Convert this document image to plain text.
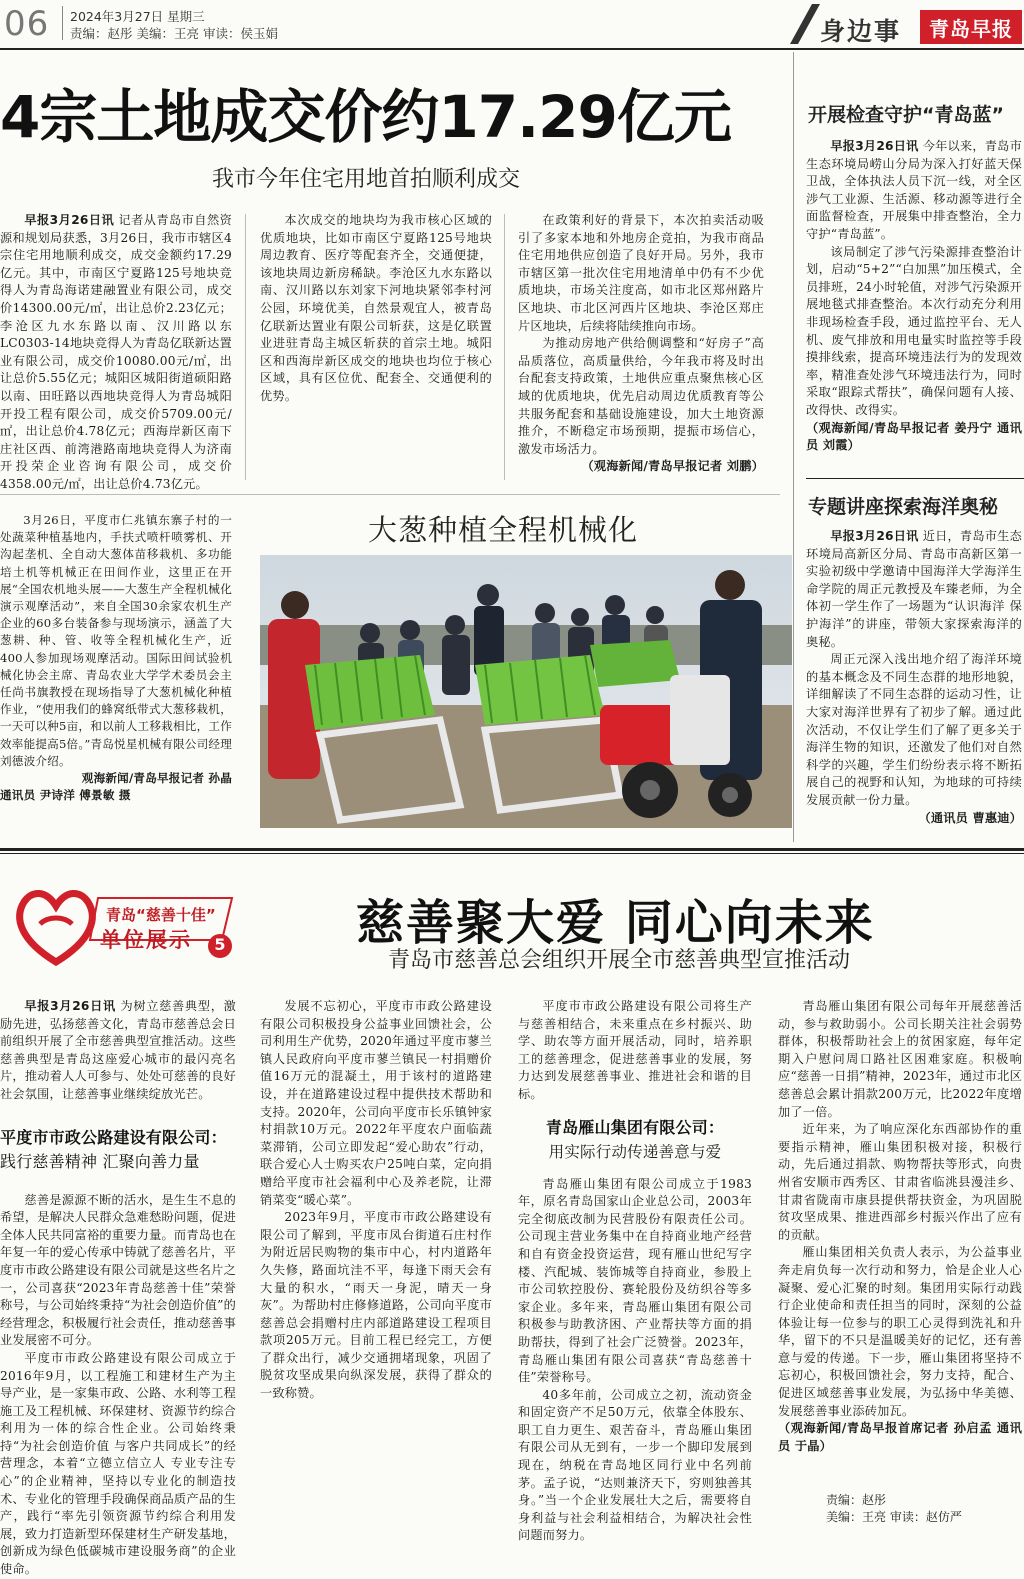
06 2024年3月27日 星期三
责编：赵彤 美编：王亮 审读：侯玉娟	身边事 青岛早报
4宗土地成交价约17.29亿元
我市今年住宅用地首拍顺利成交

早报3月26日讯 记者从青岛市自然资源和规划局获悉，3月26日，我市市辖区4宗住宅用地顺利成交，成交金额约17.29亿元。其中，市南区宁夏路125号地块竞得人为青岛海诺建融置业有限公司，成交价14300.00元/㎡，出让总价2.23亿元；李沧区九水东路以南、汉川路以东LC0303-14地块竞得人为青岛亿联新达置业有限公司，成交价10080.00元/㎡，出让总价5.55亿元；城阳区城阳街道硕阳路以南、田旺路以西地块竞得人为青岛城阳开投工程有限公司，成交价5709.00元/㎡，出让总价4.78亿元；西海岸新区南下庄社区西、前湾港路南地块竞得人为济南开投荣企业咨询有限公司，成交价4358.00元/㎡，出让总价4.73亿元。

本次成交的地块均为我市核心区域的优质地块，比如市南区宁夏路125号地块周边教育、医疗等配套齐全，交通便捷，该地块周边新房稀缺。李沧区九水东路以南、汉川路以东刘家下河地块紧邻李村河公园，环境优美，自然景观宜人，被青岛亿联新达置业有限公司斩获，这是亿联置业进驻青岛主城区斩获的首宗土地。城阳区和西海岸新区成交的地块也均位于核心区域，具有区位优、配套全、交通便利的优势。

在政策利好的背景下，本次拍卖活动吸引了多家本地和外地房企竞拍，为我市商品住宅用地供应创造了良好开局。另外，我市市辖区第一批次住宅用地清单中仍有不少优质地块，市场关注度高，如市北区郑州路片区地块、市北区河西片区地块、李沧区郑庄片区地块，后续将陆续推向市场。

为推动房地产供给侧调整和“好房子”高品质落位，高质量供给，今年我市将及时出台配套支持政策，土地供应重点聚焦核心区域的优质地块，优先启动周边优质教育等公共服务配套和基础设施建设，加大土地资源推介，不断稳定市场预期，提振市场信心，激发市场活力。

（观海新闻/青岛早报记者 刘鹏）
开展检查守护“青岛蓝”

早报3月26日讯 今年以来，青岛市生态环境局崂山分局为深入打好蓝天保卫战，全体执法人员下沉一线，对全区涉气工业源、生活源、移动源等进行全面监督检查，开展集中排查整治，全力守护“青岛蓝”。

该局制定了涉气污染源排查整治计划，启动“5+2”“白加黑”加压模式，全员排班，24小时轮值，对涉气污染源开展地毯式排查整治。本次行动充分利用非现场检查手段，通过监控平台、无人机、废气排放和用电量实时监控等手段摸排线索，提高环境违法行为的发现效率，精准查处涉气环境违法行为，同时采取“跟踪式帮扶”，确保问题有人接、改得快、改得实。

（观海新闻/青岛早报记者 姜丹宁 通讯员 刘霞）
专题讲座探索海洋奥秘

早报3月26日讯 近日，青岛市生态环境局高新区分局、青岛市高新区第一实验初级中学邀请中国海洋大学海洋生命学院的周正元教授及车臻老师，为全体初一学生作了一场题为“认识海洋 保护海洋”的讲座，带领大家探索海洋的奥秘。

周正元深入浅出地介绍了海洋环境的基本概念及不同生态群的地形地貌，详细解读了不同生态群的运动习性，让大家对海洋世界有了初步了解。通过此次活动，不仅让学生们了解了更多关于海洋生物的知识，还激发了他们对自然科学的兴趣，学生们纷纷表示将不断拓展自己的视野和认知，为地球的可持续发展贡献一份力量。

（通讯员 曹惠迪）

3月26日，平度市仁兆镇东寨子村的一处蔬菜种植基地内，手扶式喷杆喷雾机、开沟起垄机、全自动大葱体苗移栽机、多功能培土机等机械正在田间作业，这里正在开展“全国农机地头展——大葱生产全程机械化演示观摩活动”，来自全国30余家农机生产企业的60多台装备参与现场演示，涵盖了大葱耕、种、管、收等全程机械化生产，近400人参加现场观摩活动。国际田间试验机械化协会主席、青岛农业大学学术委员会主任尚书旗教授在现场指导了大葱机械化种植作业，“使用我们的蜂窝纸带式大葱移栽机，一天可以种5亩，和以前人工移栽相比，工作效率能提高5倍。”青岛悦星机械有限公司经理刘德波介绍。

观海新闻/青岛早报记者 孙晶
通讯员 尹诗洋 傅景敏 摄
大葱种植全程机械化
青岛“慈善十佳”
单位展示	5	慈善聚大爱 同心向未来
青岛市慈善总会组织开展全市慈善典型宣推活动

早报3月26日讯 为树立慈善典型，激励先进，弘扬慈善文化，青岛市慈善总会日前组织开展了全市慈善典型宣推活动。这些慈善典型是青岛这座爱心城市的最闪亮名片，推动着人人可参与、处处可慈善的良好社会氛围，让慈善事业继续绽放光芒。

平度市市政公路建设有限公司：
践行慈善精神 汇聚向善力量

慈善是源源不断的活水，是生生不息的希望，是解决人民群众急难愁盼问题，促进全体人民共同富裕的重要力量。而青岛也在年复一年的爱心传承中铸就了慈善名片，平度市市政公路建设有限公司就是这些名片之一，公司喜获“2023年青岛慈善十佳”荣誉称号，与公司始终秉持“为社会创造价值”的经营理念，积极履行社会责任，推动慈善事业发展密不可分。

平度市市政公路建设有限公司成立于2016年9月，以工程施工和建材生产为主导产业，是一家集市政、公路、水利等工程施工及工程机械、环保建材、资源节约综合利用为一体的综合性企业。公司始终秉持“为社会创造价值 与客户共同成长”的经营理念，本着“立德立信立人 专业专注专心”的企业精神，坚持以专业化的制造技术、专业化的管理手段确保商品质产品的生产，践行“率先引领资源节约综合利用发展，致力打造新型环保建材生产研发基地，创新成为绿色低碳城市建设服务商”的企业使命。

发展不忘初心，平度市市政公路建设有限公司积极投身公益事业回馈社会，公司利用生产优势，2020年通过平度市蓼兰镇人民政府向平度市蓼兰镇民一村捐赠价值16万元的混凝土，用于该村的道路建设，并在道路建设过程中提供技术帮助和支持。2020年，公司向平度市长乐镇钟家村捐款10万元。2022年平度农户面临蔬菜滞销，公司立即发起“爱心助农”行动，联合爱心人士购买农户25吨白菜，定向捐赠给平度市社会福利中心及养老院，让滞销菜变“暖心菜”。

2023年9月，平度市市政公路建设有限公司了解到，平度市凤台街道石庄村作为附近居民购物的集市中心，村内道路年久失修，路面坑洼不平，每逢下雨天会有大量的积水，“雨天一身泥，晴天一身灰”。为帮助村庄修修道路，公司向平度市慈善总会捐赠村庄内部道路建设工程项目款项205万元。目前工程已经完工，方便了群众出行，减少交通拥堵现象，巩固了脱贫攻坚成果向纵深发展，获得了群众的一致称赞。

平度市市政公路建设有限公司将生产与慈善相结合，未来重点在乡村振兴、助学、助农等方面开展活动，同时，培养职工的慈善理念，促进慈善事业的发展，努力达到发展慈善事业、推进社会和谐的目标。

青岛雁山集团有限公司：
用实际行动传递善意与爱

青岛雁山集团有限公司成立于1983年，原名青岛国家山企业总公司，2003年完全彻底改制为民营股份有限责任公司。公司现主营业务集中在自持商业地产经营和自有资金投资运营，现有雁山世纪写字楼、汽配城、装饰城等自持商业，参股上市公司软控股份、赛轮股份及纺织谷等多家企业。多年来，青岛雁山集团有限公司积极参与助教济困、产业帮扶等方面的捐助帮扶，得到了社会广泛赞誉。2023年，青岛雁山集团有限公司喜获“青岛慈善十佳”荣誉称号。

40多年前，公司成立之初，流动资金和固定资产不足50万元，依靠全体股东、职工自力更生、艰苦奋斗，青岛雁山集团有限公司从无到有，一步一个脚印发展到现在，纳税在青岛地区同行业中名列前茅。孟子说，“达则兼济天下，穷则独善其身。”当一个企业发展壮大之后，需要将自身利益与社会利益相结合，为解决社会性问题而努力。

青岛雁山集团有限公司每年开展慈善活动，参与救助弱小。公司长期关注社会弱势群体，积极帮助社会上的贫困家庭，每年定期入户慰问周口路社区困难家庭。积极响应“慈善一日捐”精神，2023年，通过市北区慈善总会累计捐款200万元，比2022年度增加了一倍。

近年来，为了响应深化东西部协作的重要指示精神，雁山集团积极对接，积极行动，先后通过捐款、购物帮扶等形式，向贵州省安顺市西秀区、甘肃省临洮县漫洼乡、甘肃省陇南市康县提供帮扶资金，为巩固脱贫攻坚成果、推进西部乡村振兴作出了应有的贡献。

雁山集团相关负责人表示，为公益事业奔走肩负每一次行动和努力，恰是企业人心凝聚、爱心汇聚的时刻。集团用实际行动践行企业使命和责任担当的同时，深刻的公益体验让每一位参与的职工心灵得到洗礼和升华，留下的不只是温暖美好的记忆，还有善意与爱的传递。下一步，雁山集团将坚持不忘初心，积极回馈社会，努力支持，配合、促进区域慈善事业发展，为弘扬中华美德、发展慈善事业添砖加瓦。

（观海新闻/青岛早报首席记者 孙启孟 通讯员 于晶）
责编：赵彤
美编：王亮 审读：赵仿严
